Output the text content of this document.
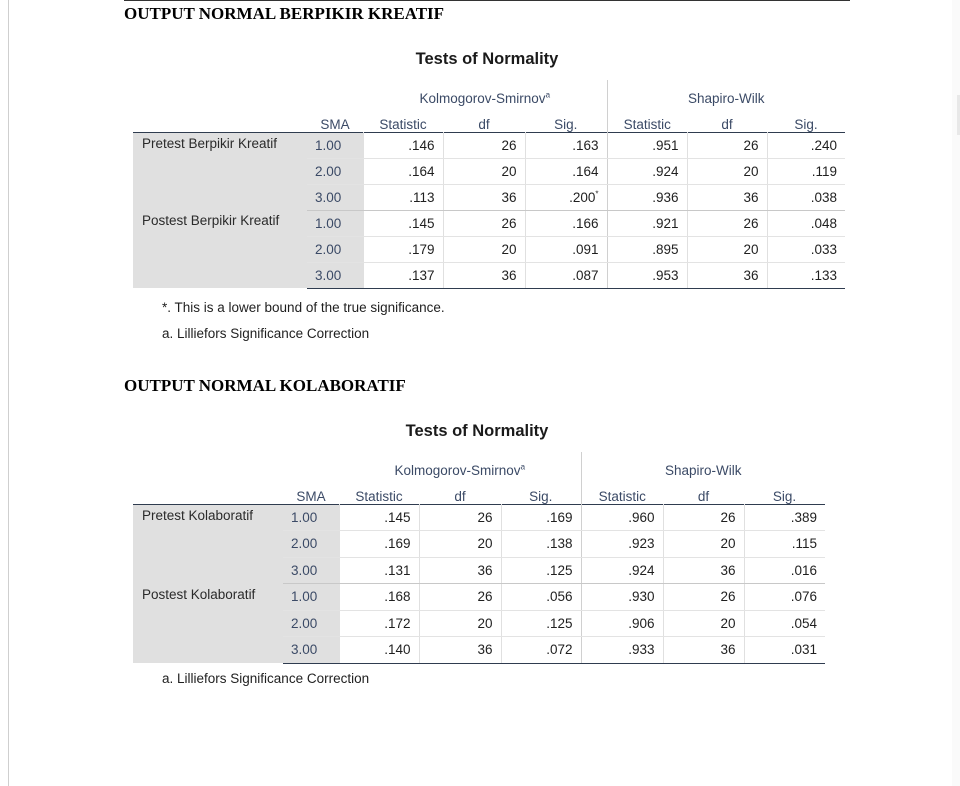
OUTPUT NORMAL BERPIKIR KREATIF
Tests of Normality
		Kolmogorov-Smirnov$^a$			Shapiro-Wilk		
	SMA	Statistic	df	Sig.	Statistic	df	Sig.
Pretest Berpikir Kreatif	1.00	.146	26	.163	.951	26	.240
	2.00	.164	20	.164	.924	20	.119
	3.00	.113	36	.200*	.936	36	.038
Postest Berpikir Kreatif	1.00	.145	26	.166	.921	26	.048
	2.00	.179	20	.091	.895	20	.033
	3.00	.137	36	.087	.953	36	.133
*. This is a lower bound of the true significance.
a. Lilliefors Significance Correction
OUTPUT NORMAL KOLABORATIF
Tests of Normality
		Kolmogorov-Smirnov$^a$			Shapiro-Wilk		
	SMA	Statistic	df	Sig.	Statistic	df	Sig.
Pretest Kolaboratif	1.00	.145	26	.169	.960	26	.389
	2.00	.169	20	.138	.923	20	.115
	3.00	.131	36	.125	.924	36	.016
Postest Kolaboratif	1.00	.168	26	.056	.930	26	.076
	2.00	.172	20	.125	.906	20	.054
	3.00	.140	36	.072	.933	36	.031
a. Lilliefors Significance Correction
